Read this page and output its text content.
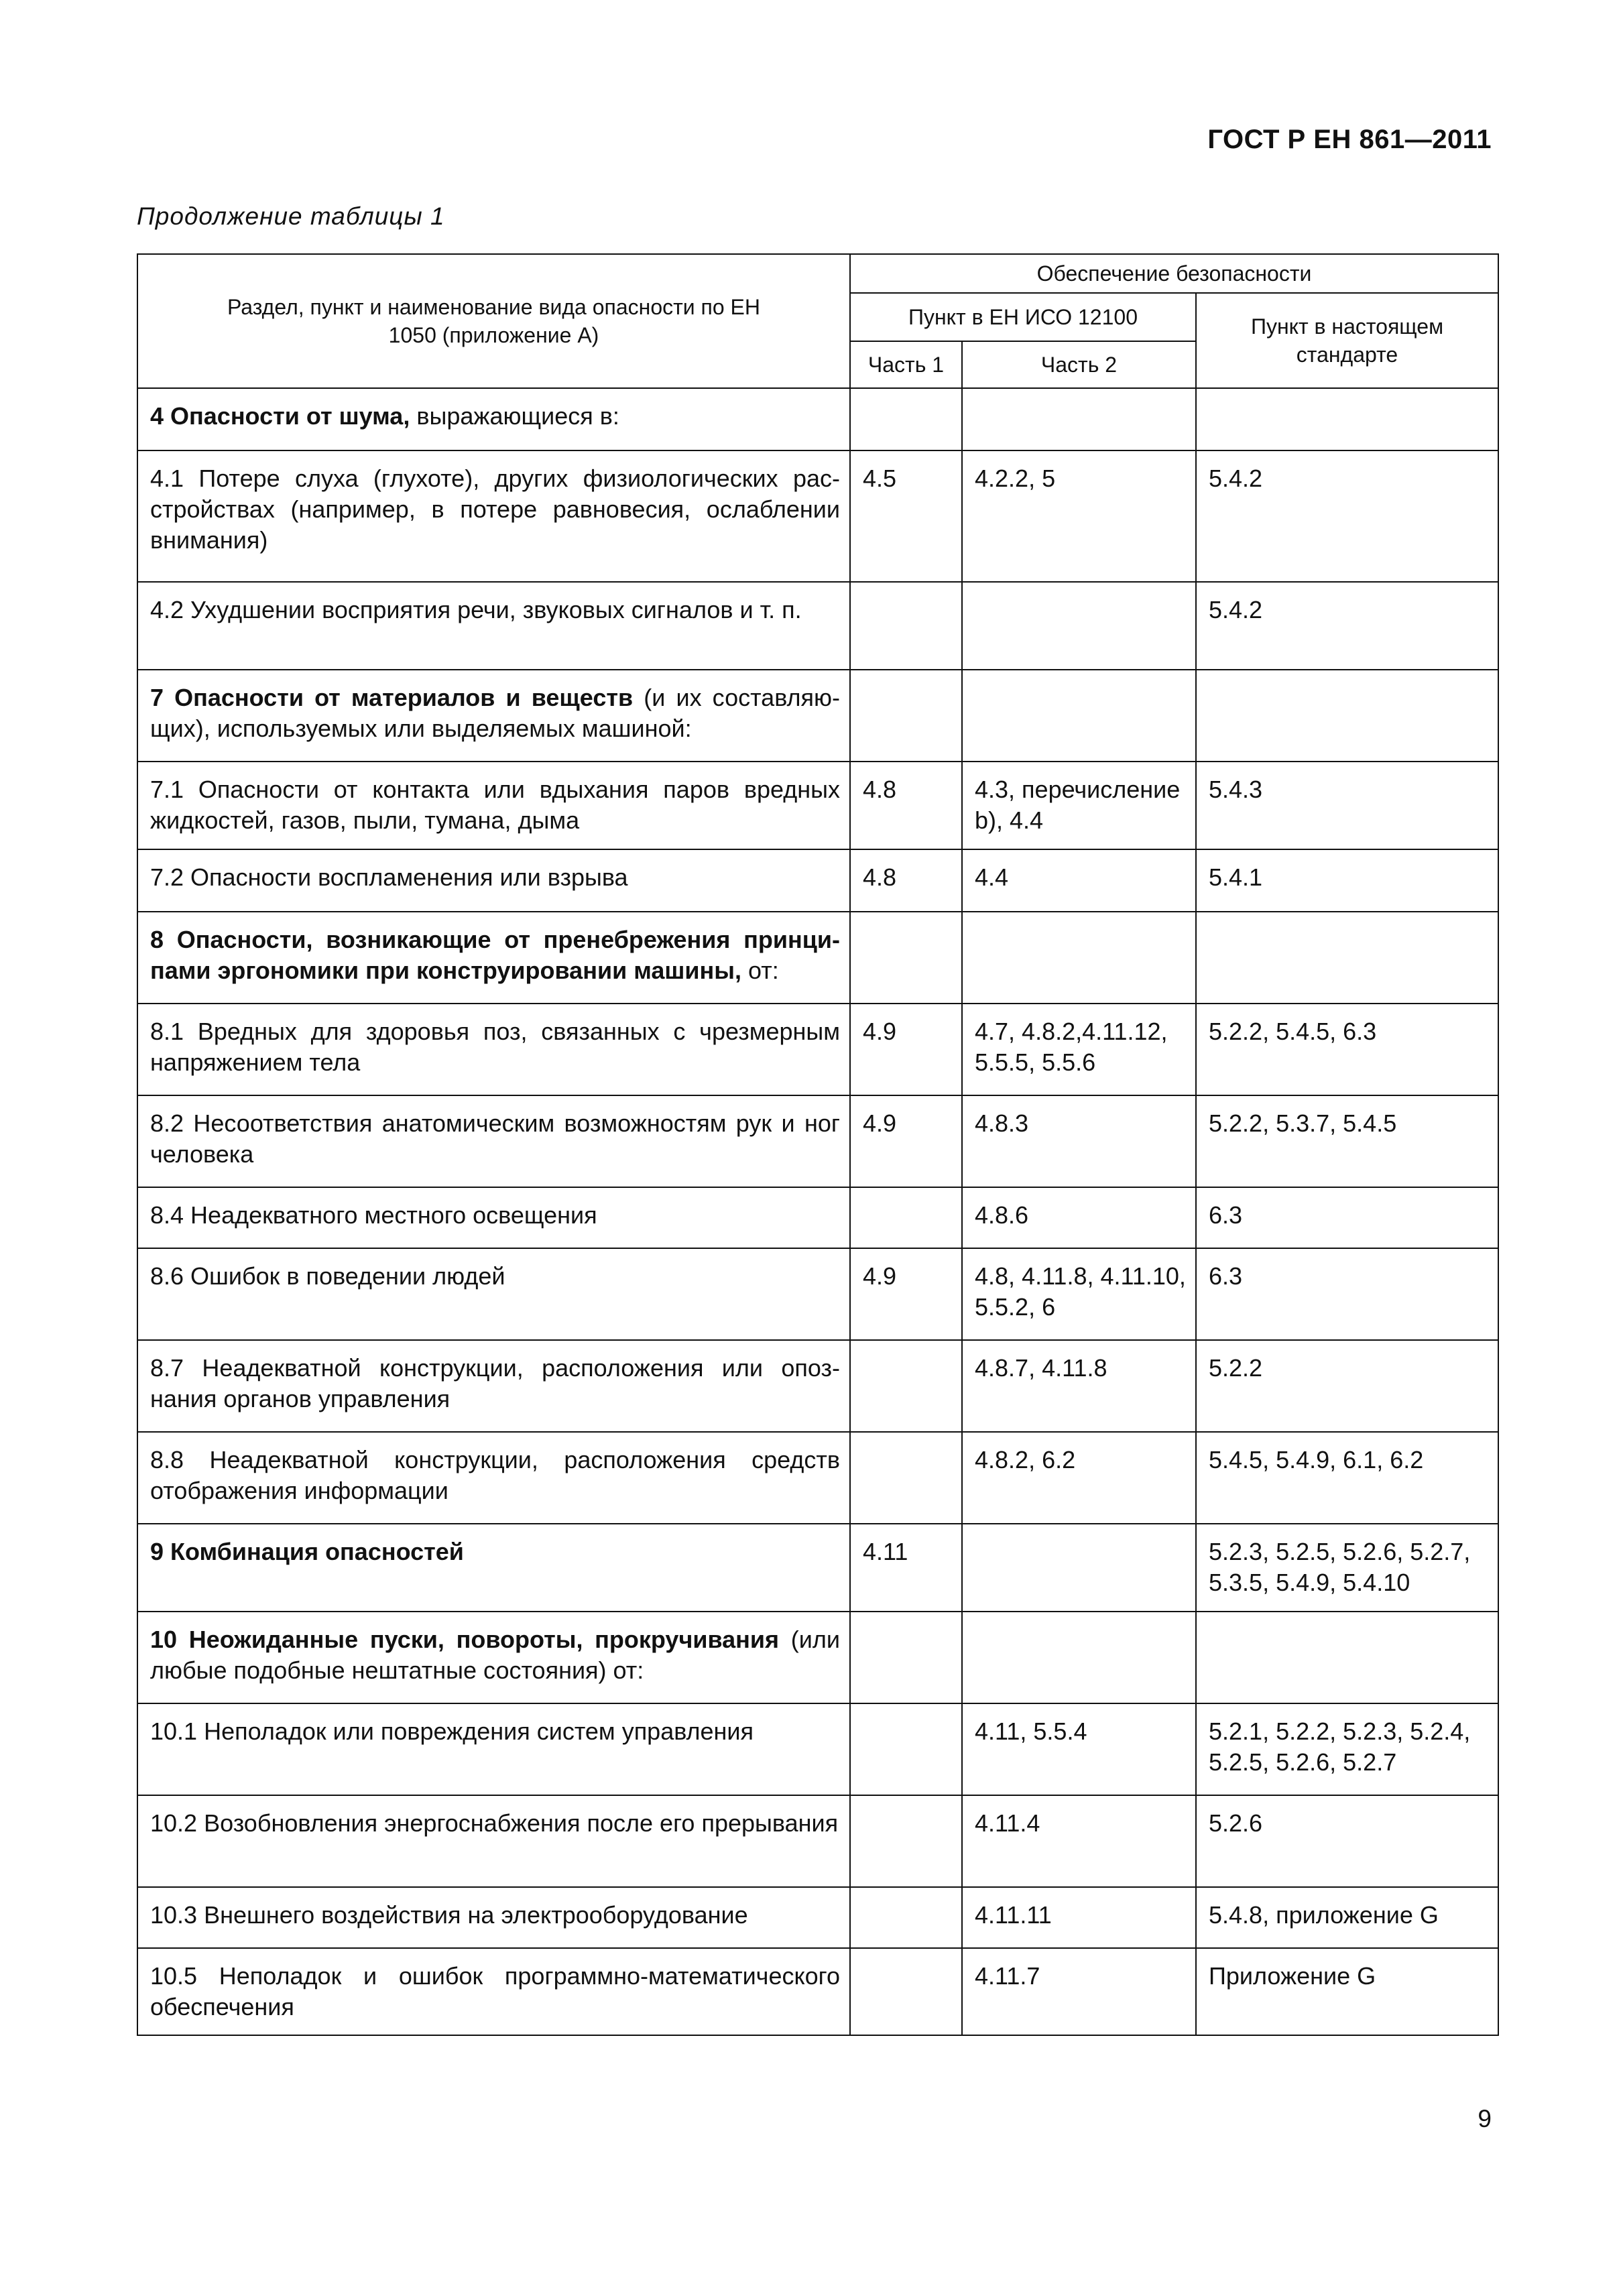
ГОСТ Р ЕН 861—2011
Продолжение таблицы 1
Раздел, пункт и наименование вида опасности по ЕН 1050 (приложение А)	Обеспечение безопасности		
	Пункт в ЕН ИСО 12100		Пункт в настоящем стандарте
	Часть 1	Часть 2	
4 Опасности от шума, выражающиеся в:			
4.1 Потере слуха (глухоте), других физиологических расстройствах (например, в потере равновесия, ослаблении внимания)	4.5	4.2.2, 5	5.4.2
4.2 Ухудшении восприятия речи, звуковых сигналов и т. п.			5.4.2
7 Опасности от материалов и веществ (и их составляющих), используемых или выделяемых машиной:			
7.1 Опасности от контакта или вдыхания паров вредных жидкостей, газов, пыли, тумана, дыма	4.8	4.3, перечисление b), 4.4	5.4.3
7.2 Опасности воспламенения или взрыва	4.8	4.4	5.4.1
8 Опасности, возникающие от пренебрежения принципами эргономики при конструировании машины, от:			
8.1 Вредных для здоровья поз, связанных с чрезмерным напряжением тела	4.9	4.7, 4.8.2,4.11.12, 5.5.5, 5.5.6	5.2.2, 5.4.5, 6.3
8.2 Несоответствия анатомическим возможностям рук и ног человека	4.9	4.8.3	5.2.2, 5.3.7, 5.4.5
8.4 Неадекватного местного освещения		4.8.6	6.3
8.6 Ошибок в поведении людей	4.9	4.8, 4.11.8, 4.11.10, 5.5.2, 6	6.3
8.7 Неадекватной конструкции, расположения или опознания органов управления		4.8.7, 4.11.8	5.2.2
8.8 Неадекватной конструкции, расположения средств отображения информации		4.8.2, 6.2	5.4.5, 5.4.9, 6.1, 6.2
9 Комбинация опасностей	4.11		5.2.3, 5.2.5, 5.2.6, 5.2.7, 5.3.5, 5.4.9, 5.4.10
10 Неожиданные пуски, повороты, прокручивания (или любые подобные нештатные состояния) от:			
10.1 Неполадок или повреждения систем управления		4.11, 5.5.4	5.2.1, 5.2.2, 5.2.3, 5.2.4, 5.2.5, 5.2.6, 5.2.7
10.2 Возобновления энергоснабжения после его прерывания		4.11.4	5.2.6
10.3 Внешнего воздействия на электрооборудование		4.11.11	5.4.8, приложение G
10.5 Неполадок и ошибок программно-математического обеспечения		4.11.7	Приложение G
9
